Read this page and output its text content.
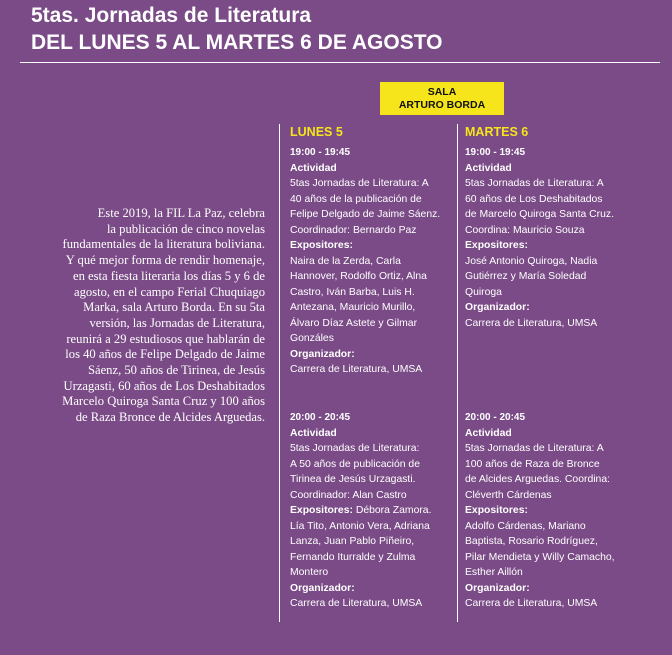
5tas. Jornadas de Literatura
DEL LUNES 5 AL MARTES 6 DE AGOSTO
Este 2019, la FIL La Paz, celebra
la publicación de cinco novelas
fundamentales de la literatura boliviana.
Y qué mejor forma de rendir homenaje,
en esta fiesta literaria los días 5 y 6 de
agosto, en el campo Ferial Chuquiago
Marka, sala Arturo Borda. En su 5ta
versión, las Jornadas de Literatura,
reunirá a 29 estudiosos que hablarán de
los 40 años de Felipe Delgado de Jaime
Sáenz, 50 años de Tirinea, de Jesús
Urzagasti, 60 años de Los Deshabitados
Marcelo Quiroga Santa Cruz y 100 años
de Raza Bronce de Alcides Arguedas.
SALA
ARTURO BORDA
LUNES 5
19:00 - 19:45
Actividad
5tas Jornadas de Literatura: A
40 años de la publicación de
Felipe Delgado de Jaime Sáenz.
Coordinador: Bernardo Paz
Expositores:
Naira de la Zerda, Carla
Hannover, Rodolfo Ortiz, Alna
Castro, Iván Barba, Luis H.
Antezana, Mauricio Murillo,
Álvaro Díaz Astete y Gilmar
Gonzáles
Organizador:
Carrera de Literatura, UMSA
20:00 - 20:45
Actividad
5tas Jornadas de Literatura:
A 50 años de publicación de
Tirinea de Jesús Urzagasti.
Coordinador: Alan Castro
Expositores: Débora Zamora.
Lía Tito, Antonio Vera, Adriana
Lanza, Juan Pablo Piñeiro,
Fernando Iturralde y Zulma
Montero
Organizador:
Carrera de Literatura, UMSA
MARTES 6
19:00 - 19:45
Actividad
5tas Jornadas de Literatura: A
60 años de Los Deshabitados
de Marcelo Quiroga Santa Cruz.
Coordina: Mauricio Souza
Expositores:
José Antonio Quiroga, Nadia
Gutiérrez y María Soledad
Quiroga
Organizador:
Carrera de Literatura, UMSA
20:00 - 20:45
Actividad
5tas Jornadas de Literatura: A
100 años de Raza de Bronce
de Alcides Arguedas. Coordina:
Cléverth Cárdenas
Expositores:
Adolfo Cárdenas, Mariano
Baptista, Rosario Rodríguez,
Pilar Mendieta y Willy Camacho,
Esther Aillón
Organizador:
Carrera de Literatura, UMSA
